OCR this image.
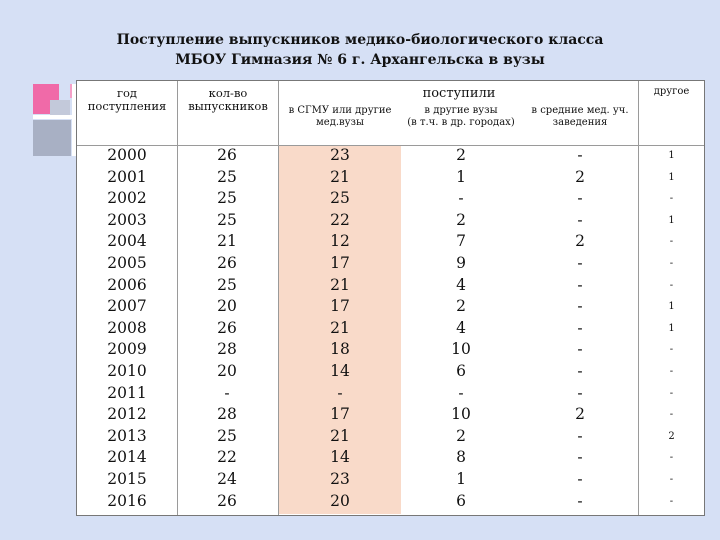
Поступление выпускников медико-биологического класса
МБОУ Гимназия № 6 г. Архангельска в вузы
год
поступления
кол-во
выпускников
поступили	другое
в СГМУ или другие
мед.вузы
в другие вузы
(в т.ч. в др. городах)
в средние мед. уч.
заведения
2000
2001
2002
2003
2004
2005
2006
2007
2008
2009
2010
2011
2012
2013
2014
2015
2016
26
25
25
25
21
26
25
20
26
28
20
-
28
25
22
24
26
23
21
25
22
12
17
21
17
21
18
14
-
17
21
14
23
20
2
1
-
2
7
9
4
2
4
10
6
-
10
2
8
1
6
-
2
-
-
2
-
-
-
-
-
-
-
2
-
-
-
-
1
1
-
1
-
-
-
1
1
-
-
-
-
2
-
-
-
